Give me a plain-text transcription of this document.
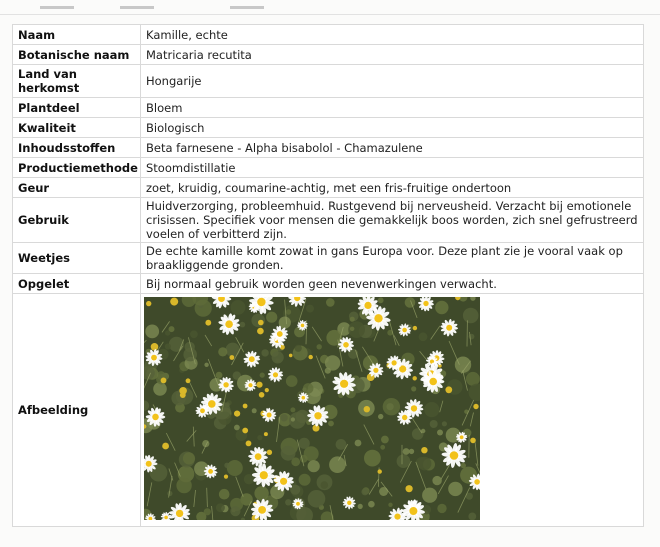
Naam	Kamille, echte
Botanische naam	Matricaria recutita
Land van herkomst	Hongarije
Plantdeel	Bloem
Kwaliteit	Biologisch
Inhoudsstoffen	Beta farnesene - Alpha bisabolol - Chamazulene
Productiemethode	Stoomdistillatie
Geur	zoet, kruidig, coumarine-achtig, met een fris-fruitige ondertoon
Gebruik	Huidverzorging, probleemhuid. Rustgevend bij nerveusheid. Verzacht bij emotionele crisissen. Specifiek voor mensen die gemakkelijk boos worden, zich snel gefrustreerd voelen of verbitterd zijn.
Weetjes	De echte kamille komt zowat in gans Europa voor. Deze plant zie je vooral vaak op braakliggende gronden.
Opgelet	Bij normaal gebruik worden geen nevenwerkingen verwacht.
Afbeelding	
